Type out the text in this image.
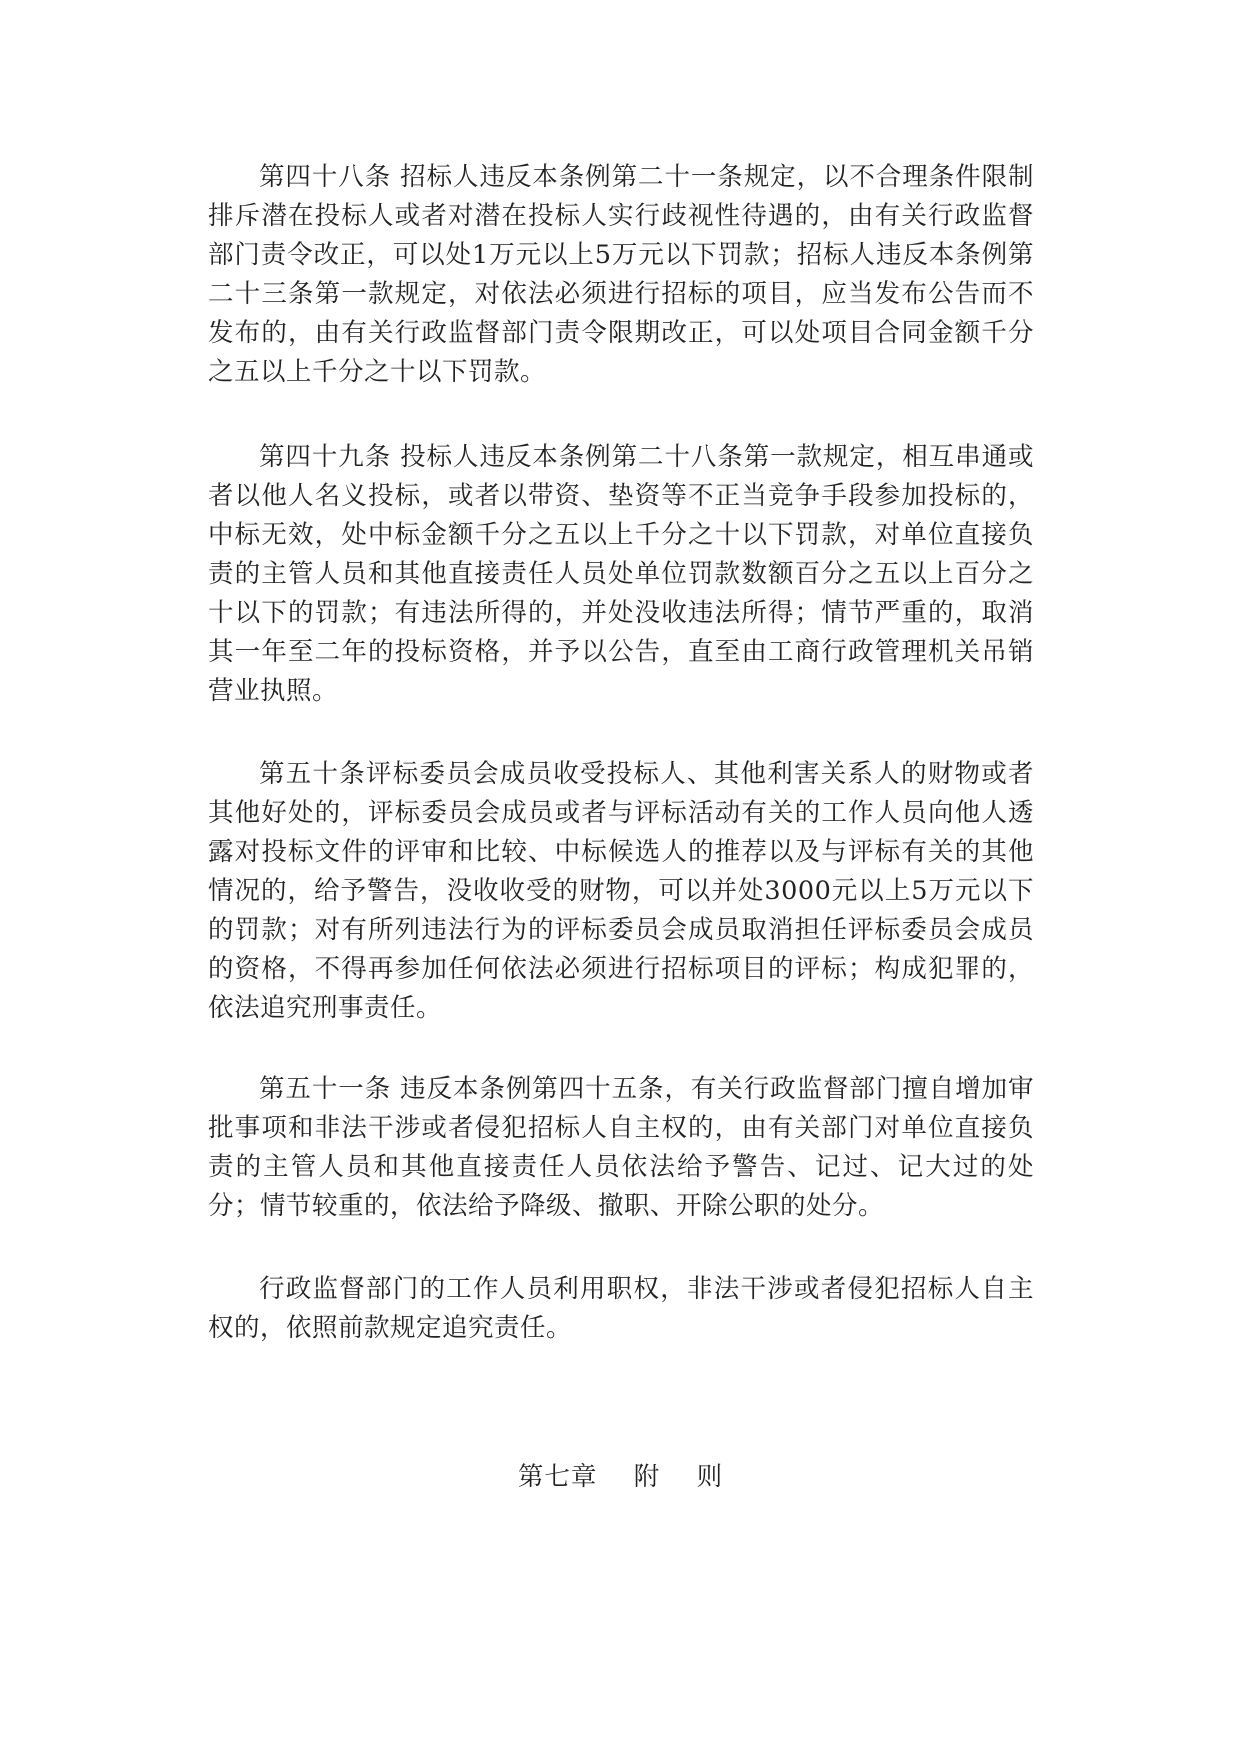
第四十八条 招标人违反本条例第二十一条规定，以不合理条件限制排斥潜在投标人或者对潜在投标人实行歧视性待遇的，由有关行政监督部门责令改正，可以处1万元以上5万元以下罚款；招标人违反本条例第二十三条第一款规定，对依法必须进行招标的项目，应当发布公告而不发布的，由有关行政监督部门责令限期改正，可以处项目合同金额千分之五以上千分之十以下罚款。

第四十九条 投标人违反本条例第二十八条第一款规定，相互串通或者以他人名义投标，或者以带资、垫资等不正当竞争手段参加投标的，中标无效，处中标金额千分之五以上千分之十以下罚款，对单位直接负责的主管人员和其他直接责任人员处单位罚款数额百分之五以上百分之十以下的罚款；有违法所得的，并处没收违法所得；情节严重的，取消其一年至二年的投标资格，并予以公告，直至由工商行政管理机关吊销营业执照。

第五十条评标委员会成员收受投标人、其他利害关系人的财物或者其他好处的，评标委员会成员或者与评标活动有关的工作人员向他人透露对投标文件的评审和比较、中标候选人的推荐以及与评标有关的其他情况的，给予警告，没收收受的财物，可以并处3000元以上5万元以下的罚款；对有所列违法行为的评标委员会成员取消担任评标委员会成员的资格，不得再参加任何依法必须进行招标项目的评标；构成犯罪的，依法追究刑事责任。

第五十一条 违反本条例第四十五条，有关行政监督部门擅自增加审批事项和非法干涉或者侵犯招标人自主权的，由有关部门对单位直接负责的主管人员和其他直接责任人员依法给予警告、记过、记大过的处分；情节较重的，依法给予降级、撤职、开除公职的处分。

行政监督部门的工作人员利用职权，非法干涉或者侵犯招标人自主权的，依照前款规定追究责任。

第七章    附    则
